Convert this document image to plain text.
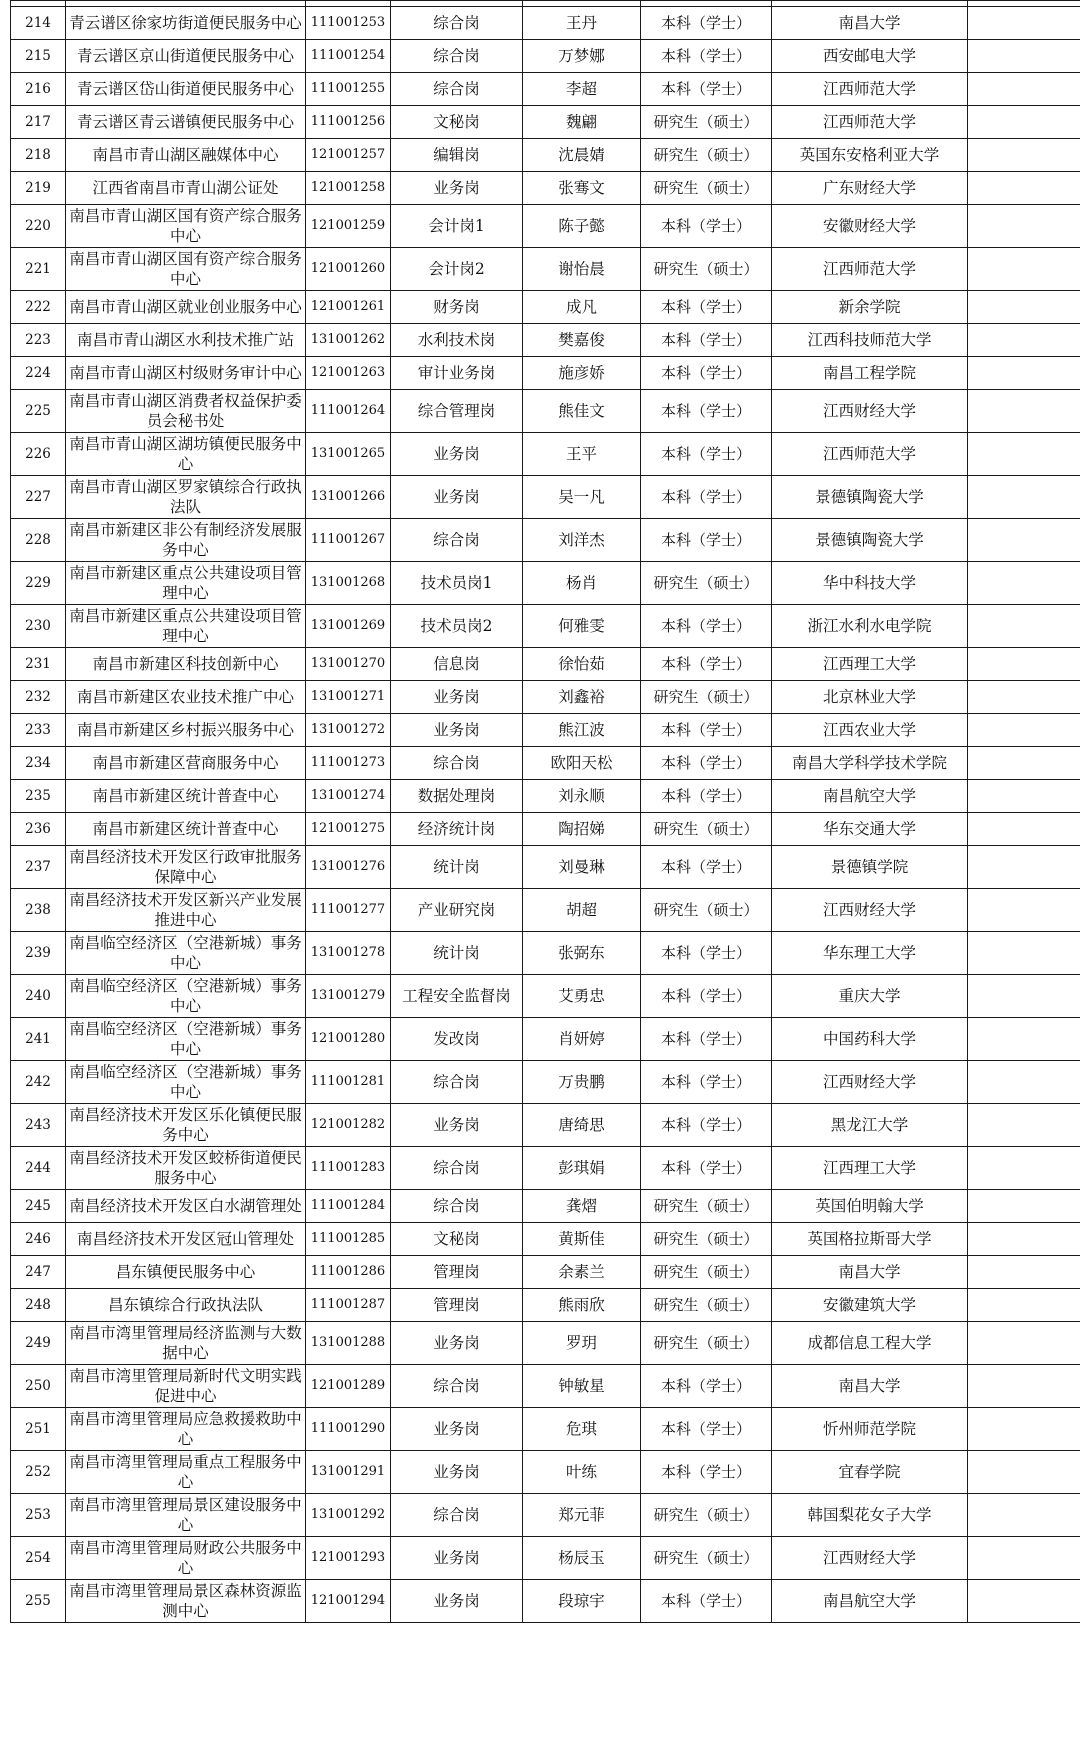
214	青云谱区徐家坊街道便民服务中心	111001253	综合岗	王丹	本科（学士）	南昌大学	
215	青云谱区京山街道便民服务中心	111001254	综合岗	万梦娜	本科（学士）	西安邮电大学	
216	青云谱区岱山街道便民服务中心	111001255	综合岗	李超	本科（学士）	江西师范大学	
217	青云谱区青云谱镇便民服务中心	111001256	文秘岗	魏翩	研究生（硕士）	江西师范大学	
218	南昌市青山湖区融媒体中心	121001257	编辑岗	沈晨婧	研究生（硕士）	英国东安格利亚大学	
219	江西省南昌市青山湖公证处	121001258	业务岗	张骞文	研究生（硕士）	广东财经大学	
220	南昌市青山湖区国有资产综合服务中心	121001259	会计岗1	陈子懿	本科（学士）	安徽财经大学	
221	南昌市青山湖区国有资产综合服务中心	121001260	会计岗2	谢怡晨	研究生（硕士）	江西师范大学	
222	南昌市青山湖区就业创业服务中心	121001261	财务岗	成凡	本科（学士）	新余学院	
223	南昌市青山湖区水利技术推广站	131001262	水利技术岗	樊嘉俊	本科（学士）	江西科技师范大学	
224	南昌市青山湖区村级财务审计中心	121001263	审计业务岗	施彦娇	本科（学士）	南昌工程学院	
225	南昌市青山湖区消费者权益保护委员会秘书处	111001264	综合管理岗	熊佳文	本科（学士）	江西财经大学	
226	南昌市青山湖区湖坊镇便民服务中心	131001265	业务岗	王平	本科（学士）	江西师范大学	
227	南昌市青山湖区罗家镇综合行政执法队	131001266	业务岗	吴一凡	本科（学士）	景德镇陶瓷大学	
228	南昌市新建区非公有制经济发展服务中心	111001267	综合岗	刘洋杰	本科（学士）	景德镇陶瓷大学	
229	南昌市新建区重点公共建设项目管理中心	131001268	技术员岗1	杨肖	研究生（硕士）	华中科技大学	
230	南昌市新建区重点公共建设项目管理中心	131001269	技术员岗2	何雅雯	本科（学士）	浙江水利水电学院	
231	南昌市新建区科技创新中心	131001270	信息岗	徐怡茹	本科（学士）	江西理工大学	
232	南昌市新建区农业技术推广中心	131001271	业务岗	刘鑫裕	研究生（硕士）	北京林业大学	
233	南昌市新建区乡村振兴服务中心	131001272	业务岗	熊江波	本科（学士）	江西农业大学	
234	南昌市新建区营商服务中心	111001273	综合岗	欧阳天松	本科（学士）	南昌大学科学技术学院	
235	南昌市新建区统计普查中心	131001274	数据处理岗	刘永顺	本科（学士）	南昌航空大学	
236	南昌市新建区统计普查中心	121001275	经济统计岗	陶招娣	研究生（硕士）	华东交通大学	
237	南昌经济技术开发区行政审批服务保障中心	131001276	统计岗	刘曼琳	本科（学士）	景德镇学院	
238	南昌经济技术开发区新兴产业发展推进中心	111001277	产业研究岗	胡超	研究生（硕士）	江西财经大学	
239	南昌临空经济区（空港新城）事务中心	131001278	统计岗	张弼东	本科（学士）	华东理工大学	
240	南昌临空经济区（空港新城）事务中心	131001279	工程安全监督岗	艾勇忠	本科（学士）	重庆大学	
241	南昌临空经济区（空港新城）事务中心	121001280	发改岗	肖妍婷	本科（学士）	中国药科大学	
242	南昌临空经济区（空港新城）事务中心	111001281	综合岗	万贵鹏	本科（学士）	江西财经大学	
243	南昌经济技术开发区乐化镇便民服务中心	121001282	业务岗	唐绮思	本科（学士）	黑龙江大学	
244	南昌经济技术开发区蛟桥街道便民服务中心	111001283	综合岗	彭琪娟	本科（学士）	江西理工大学	
245	南昌经济技术开发区白水湖管理处	111001284	综合岗	龚熠	研究生（硕士）	英国伯明翰大学	
246	南昌经济技术开发区冠山管理处	111001285	文秘岗	黄斯佳	研究生（硕士）	英国格拉斯哥大学	
247	昌东镇便民服务中心	111001286	管理岗	余素兰	研究生（硕士）	南昌大学	
248	昌东镇综合行政执法队	111001287	管理岗	熊雨欣	研究生（硕士）	安徽建筑大学	
249	南昌市湾里管理局经济监测与大数据中心	131001288	业务岗	罗玥	研究生（硕士）	成都信息工程大学	
250	南昌市湾里管理局新时代文明实践促进中心	121001289	综合岗	钟敏星	本科（学士）	南昌大学	
251	南昌市湾里管理局应急救援救助中心	111001290	业务岗	危琪	本科（学士）	忻州师范学院	
252	南昌市湾里管理局重点工程服务中心	131001291	业务岗	叶练	本科（学士）	宜春学院	
253	南昌市湾里管理局景区建设服务中心	131001292	综合岗	郑元菲	研究生（硕士）	韩国梨花女子大学	
254	南昌市湾里管理局财政公共服务中心	121001293	业务岗	杨辰玉	研究生（硕士）	江西财经大学	
255	南昌市湾里管理局景区森林资源监测中心	121001294	业务岗	段琼宇	本科（学士）	南昌航空大学	
